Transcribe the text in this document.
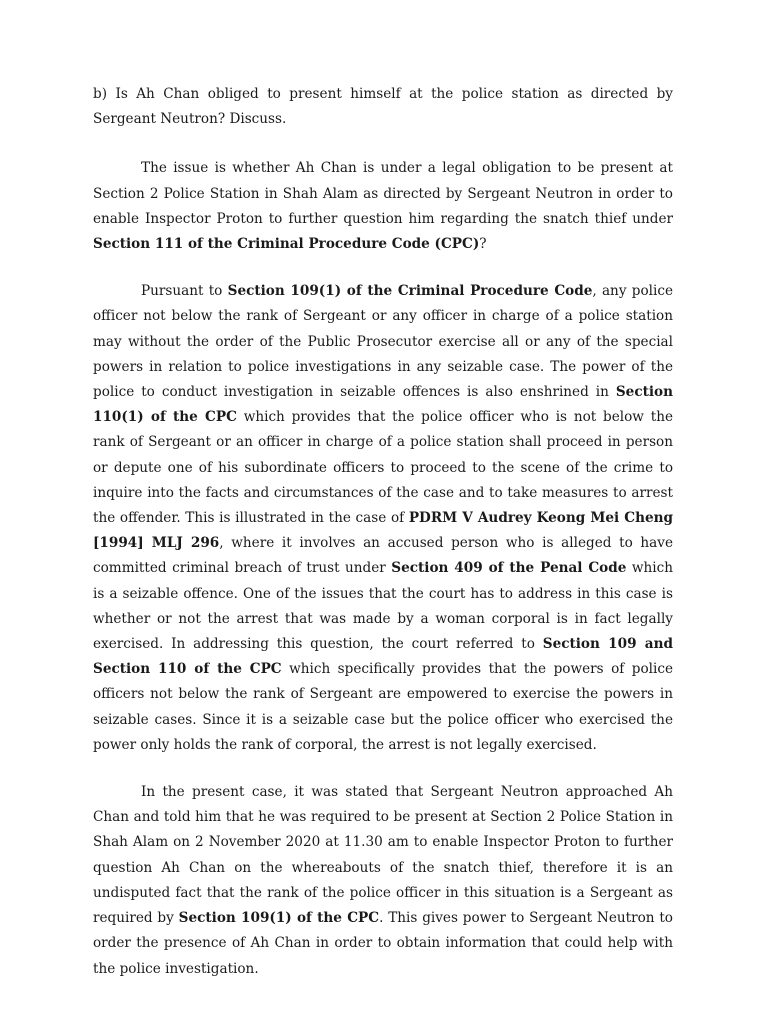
b) Is Ah Chan obliged to present himself at the police station as directed by Sergeant Neutron? Discuss.

The issue is whether Ah Chan is under a legal obligation to be present at Section 2 Police Station in Shah Alam as directed by Sergeant Neutron in order to enable Inspector Proton to further question him regarding the snatch thief under Section 111 of the Criminal Procedure Code (CPC)?

Pursuant to Section 109(1) of the Criminal Procedure Code, any police officer not below the rank of Sergeant or any officer in charge of a police station may without the order of the Public Prosecutor exercise all or any of the special powers in relation to police investigations in any seizable case. The power of the police to conduct investigation in seizable offences is also enshrined in Section 110(1) of the CPC which provides that the police officer who is not below the rank of Sergeant or an officer in charge of a police station shall proceed in person or depute one of his subordinate officers to proceed to the scene of the crime to inquire into the facts and circumstances of the case and to take measures to arrest the offender. This is illustrated in the case of PDRM V Audrey Keong Mei Cheng [1994] MLJ 296, where it involves an accused person who is alleged to have committed criminal breach of trust under Section 409 of the Penal Code which is a seizable offence. One of the issues that the court has to address in this case is whether or not the arrest that was made by a woman corporal is in fact legally exercised. In addressing this question, the court referred to Section 109 and Section 110 of the CPC which specifically provides that the powers of police officers not below the rank of Sergeant are empowered to exercise the powers in seizable cases. Since it is a seizable case but the police officer who exercised the power only holds the rank of corporal, the arrest is not legally exercised.

In the present case, it was stated that Sergeant Neutron approached Ah Chan and told him that he was required to be present at Section 2 Police Station in Shah Alam on 2 November 2020 at 11.30 am to enable Inspector Proton to further question Ah Chan on the whereabouts of the snatch thief, therefore it is an undisputed fact that the rank of the police officer in this situation is a Sergeant as required by Section 109(1) of the CPC. This gives power to Sergeant Neutron to order the presence of Ah Chan in order to obtain information that could help with the police investigation.
